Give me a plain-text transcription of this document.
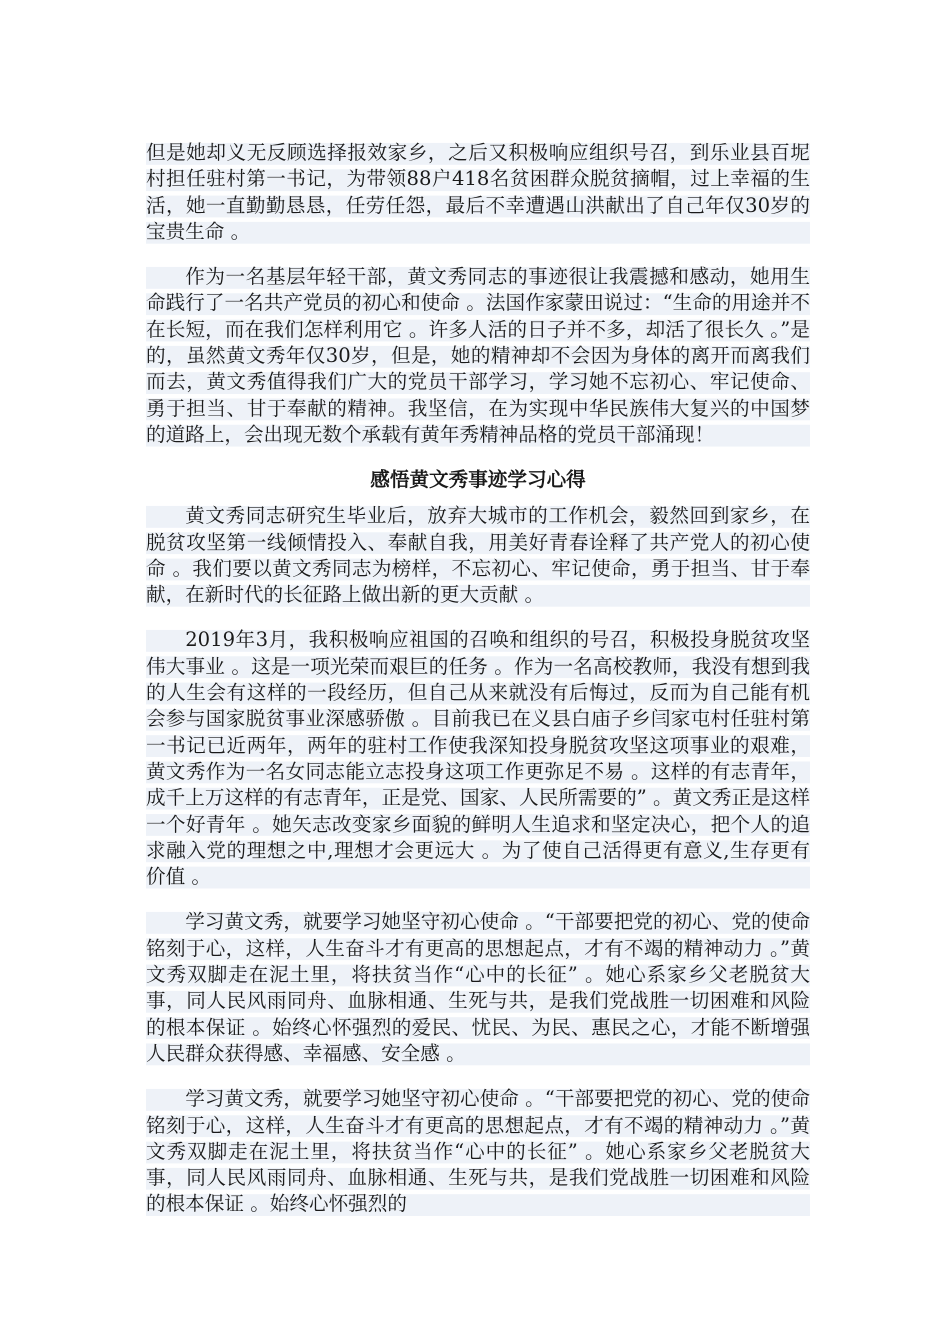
但是她却义无反顾选择报效家乡，之后又积极响应组织号召，到乐业县百坭村担任驻村第一书记，为带领88户418名贫困群众脱贫摘帽，过上幸福的生活，她一直勤勤恳恳，任劳任怨，最后不幸遭遇山洪献出了自己年仅30岁的宝贵生命 。

作为一名基层年轻干部，黄文秀同志的事迹很让我震撼和感动，她用生命践行了一名共产党员的初心和使命 。法国作家蒙田说过：“生命的用途并不在长短，而在我们怎样利用它 。许多人活的日子并不多，却活了很长久 。”是的，虽然黄文秀年仅30岁，但是，她的精神却不会因为身体的离开而离我们而去，黄文秀值得我们广大的党员干部学习，学习她不忘初心、牢记使命、勇于担当、甘于奉献的精神。我坚信，在为实现中华民族伟大复兴的中国梦的道路上，会出现无数个承载有黄年秀精神品格的党员干部涌现！

感悟黄文秀事迹学习心得

黄文秀同志研究生毕业后，放弃大城市的工作机会，毅然回到家乡，在脱贫攻坚第一线倾情投入、奉献自我，用美好青春诠释了共产党人的初心使命 。我们要以黄文秀同志为榜样，不忘初心、牢记使命，勇于担当、甘于奉献，在新时代的长征路上做出新的更大贡献 。

2019年3月，我积极响应祖国的召唤和组织的号召，积极投身脱贫攻坚伟大事业 。这是一项光荣而艰巨的任务 。作为一名高校教师，我没有想到我的人生会有这样的一段经历，但自己从来就没有后悔过，反而为自己能有机会参与国家脱贫事业深感骄傲 。目前我已在义县白庙子乡闫家屯村任驻村第一书记已近两年，两年的驻村工作使我深知投身脱贫攻坚这项事业的艰难，黄文秀作为一名女同志能立志投身这项工作更弥足不易 。这样的有志青年，成千上万这样的有志青年，正是党、国家、人民所需要的” 。黄文秀正是这样一个好青年 。她矢志改变家乡面貌的鲜明人生追求和坚定决心，把个人的追求融入党的理想之中,理想才会更远大 。为了使自己活得更有意义,生存更有价值 。

学习黄文秀，就要学习她坚守初心使命 。“干部要把党的初心、党的使命铭刻于心，这样，人生奋斗才有更高的思想起点，才有不竭的精神动力 。”黄文秀双脚走在泥土里，将扶贫当作“心中的长征” 。她心系家乡父老脱贫大事，同人民风雨同舟、血脉相通、生死与共，是我们党战胜一切困难和风险的根本保证 。始终心怀强烈的爱民、忧民、为民、惠民之心，才能不断增强人民群众获得感、幸福感、安全感 。

学习黄文秀，就要学习她坚守初心使命 。“干部要把党的初心、党的使命铭刻于心，这样，人生奋斗才有更高的思想起点，才有不竭的精神动力 。”黄文秀双脚走在泥土里，将扶贫当作“心中的长征” 。她心系家乡父老脱贫大事，同人民风雨同舟、血脉相通、生死与共，是我们党战胜一切困难和风险的根本保证 。始终心怀强烈的
